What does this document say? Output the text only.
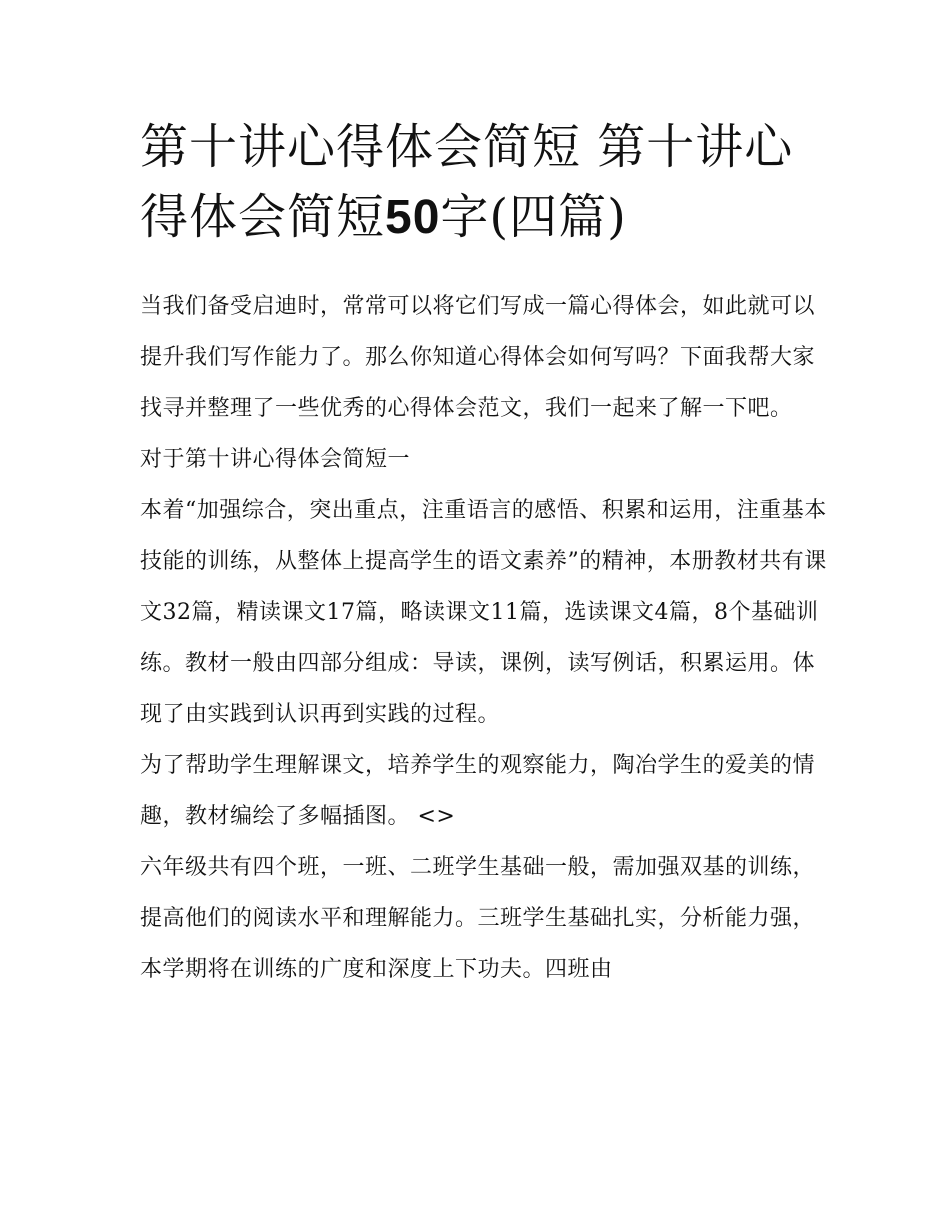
第十讲心得体会简短 第十讲心得体会简短50字(四篇)

当我们备受启迪时，常常可以将它们写成一篇心得体会，如此就可以提升我们写作能力了。那么你知道心得体会如何写吗？下面我帮大家找寻并整理了一些优秀的心得体会范文，我们一起来了解一下吧。

对于第十讲心得体会简短一

本着“加强综合，突出重点，注重语言的感悟、积累和运用，注重基本技能的训练，从整体上提高学生的语文素养”的精神，本册教材共有课文32篇，精读课文17篇，略读课文11篇，选读课文4篇，8个基础训练。教材一般由四部分组成：导读，课例，读写例话，积累运用。体现了由实践到认识再到实践的过程。

为了帮助学生理解课文，培养学生的观察能力，陶冶学生的爱美的情趣，教材编绘了多幅插图。 <>

六年级共有四个班，一班、二班学生基础一般，需加强双基的训练，提高他们的阅读水平和理解能力。三班学生基础扎实，分析能力强，本学期将在训练的广度和深度上下功夫。四班由
